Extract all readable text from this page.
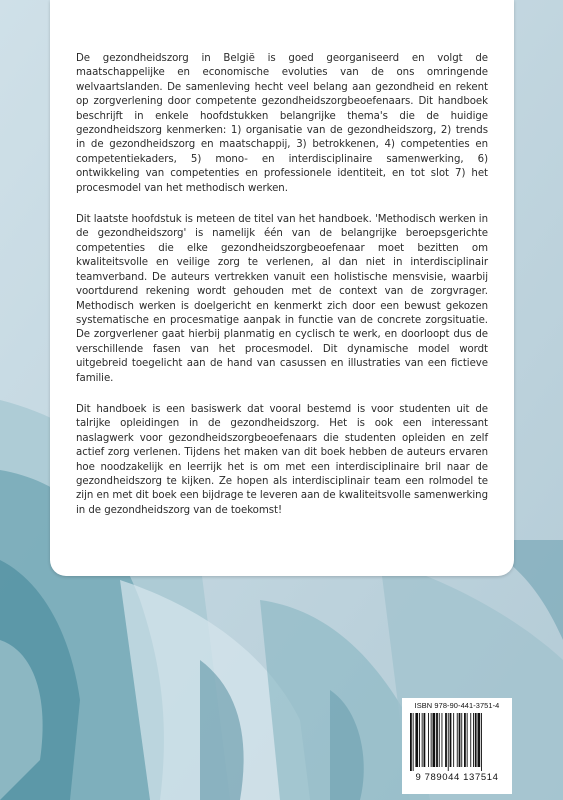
De gezondheidszorg in België is goed georganiseerd en volgt de maatschappelijke en economische evoluties van de ons omringende welvaartslanden. De samenleving hecht veel belang aan gezondheid en rekent op zorgverlening door competente gezondheidszorgbeoefenaars. Dit handboek beschrijft in enkele hoofdstukken belangrijke thema's die de huidige gezondheidszorg kenmerken: 1) organisatie van de gezondheidszorg, 2) trends in de gezondheidszorg en maatschappij, 3) betrokkenen, 4) competenties en competentiekaders, 5) mono- en interdisciplinaire samenwerking, 6) ontwikkeling van competenties en professionele identiteit, en tot slot 7) het procesmodel van het methodisch werken.

Dit laatste hoofdstuk is meteen de titel van het handboek. 'Methodisch werken in de gezondheidszorg' is namelijk één van de belangrijke beroepsgerichte competenties die elke gezondheidszorgbeoefenaar moet bezitten om kwaliteitsvolle en veilige zorg te verlenen, al dan niet in interdisciplinair teamverband. De auteurs vertrekken vanuit een holistische mensvisie, waarbij voortdurend rekening wordt gehouden met de context van de zorgvrager. Methodisch werken is doelgericht en kenmerkt zich door een bewust gekozen systematische en procesmatige aanpak in functie van de concrete zorgsituatie. De zorgverlener gaat hierbij planmatig en cyclisch te werk, en doorloopt dus de verschillende fasen van het procesmodel. Dit dynamische model wordt uitgebreid toegelicht aan de hand van casussen en illustraties van een fictieve familie.

Dit handboek is een basiswerk dat vooral bestemd is voor studenten uit de talrijke opleidingen in de gezondheidszorg. Het is ook een interessant naslagwerk voor gezondheidszorgbeoefenaars die studenten opleiden en zelf actief zorg verlenen. Tijdens het maken van dit boek hebben de auteurs ervaren hoe noodzakelijk en leerrijk het is om met een interdisciplinaire bril naar de gezondheidszorg te kijken. Ze hopen als interdisciplinair team een rolmodel te zijn en met dit boek een bijdrage te leveren aan de kwaliteitsvolle samenwerking in de gezondheidszorg van de toekomst!

ISBN 978-90-441-3751-4

9 789044 137514
